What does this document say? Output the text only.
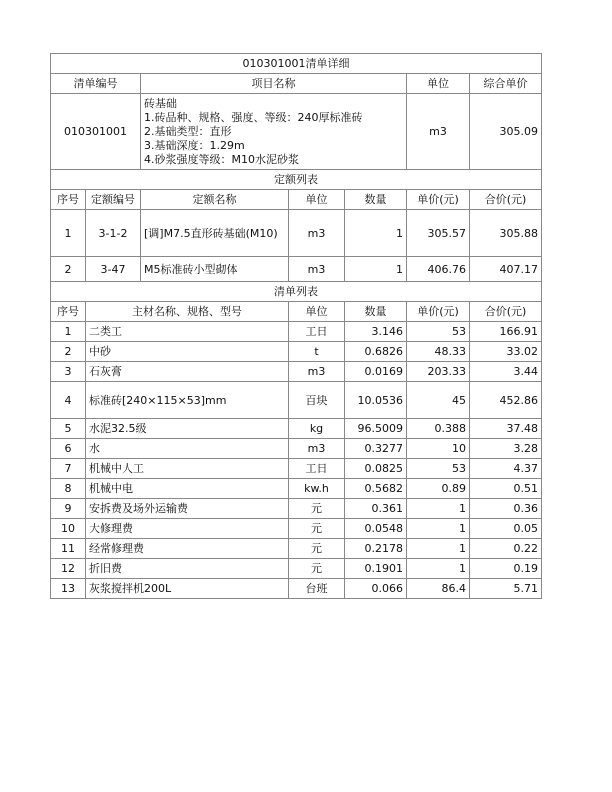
010301001清单详细						
清单编号		项目名称			单位	综合单价
010301001		砖基础
1.砖品种、规格、强度、等级：240厚标准砖
2.基础类型：直形
3.基础深度：1.29m
4.砂浆强度等级：M10水泥砂浆			m3	305.09
定额列表						
序号	定额编号	定额名称	单位	数量	单价(元)	合价(元)
1	3-1-2	[调]M7.5直形砖基础(M10)	m3	1	305.57	305.88
2	3-47	M5标准砖小型砌体	m3	1	406.76	407.17
清单列表						
序号	主材名称、规格、型号		单位	数量	单价(元)	合价(元)
1	二类工		工日	3.146	53	166.91
2	中砂		t	0.6826	48.33	33.02
3	石灰膏		m3	0.0169	203.33	3.44
4	标准砖[240×115×53]mm		百块	10.0536	45	452.86
5	水泥32.5级		kg	96.5009	0.388	37.48
6	水		m3	0.3277	10	3.28
7	机械中人工		工日	0.0825	53	4.37
8	机械中电		kw.h	0.5682	0.89	0.51
9	安拆费及场外运输费		元	0.361	1	0.36
10	大修理费		元	0.0548	1	0.05
11	经常修理费		元	0.2178	1	0.22
12	折旧费		元	0.1901	1	0.19
13	灰浆搅拌机200L		台班	0.066	86.4	5.71
